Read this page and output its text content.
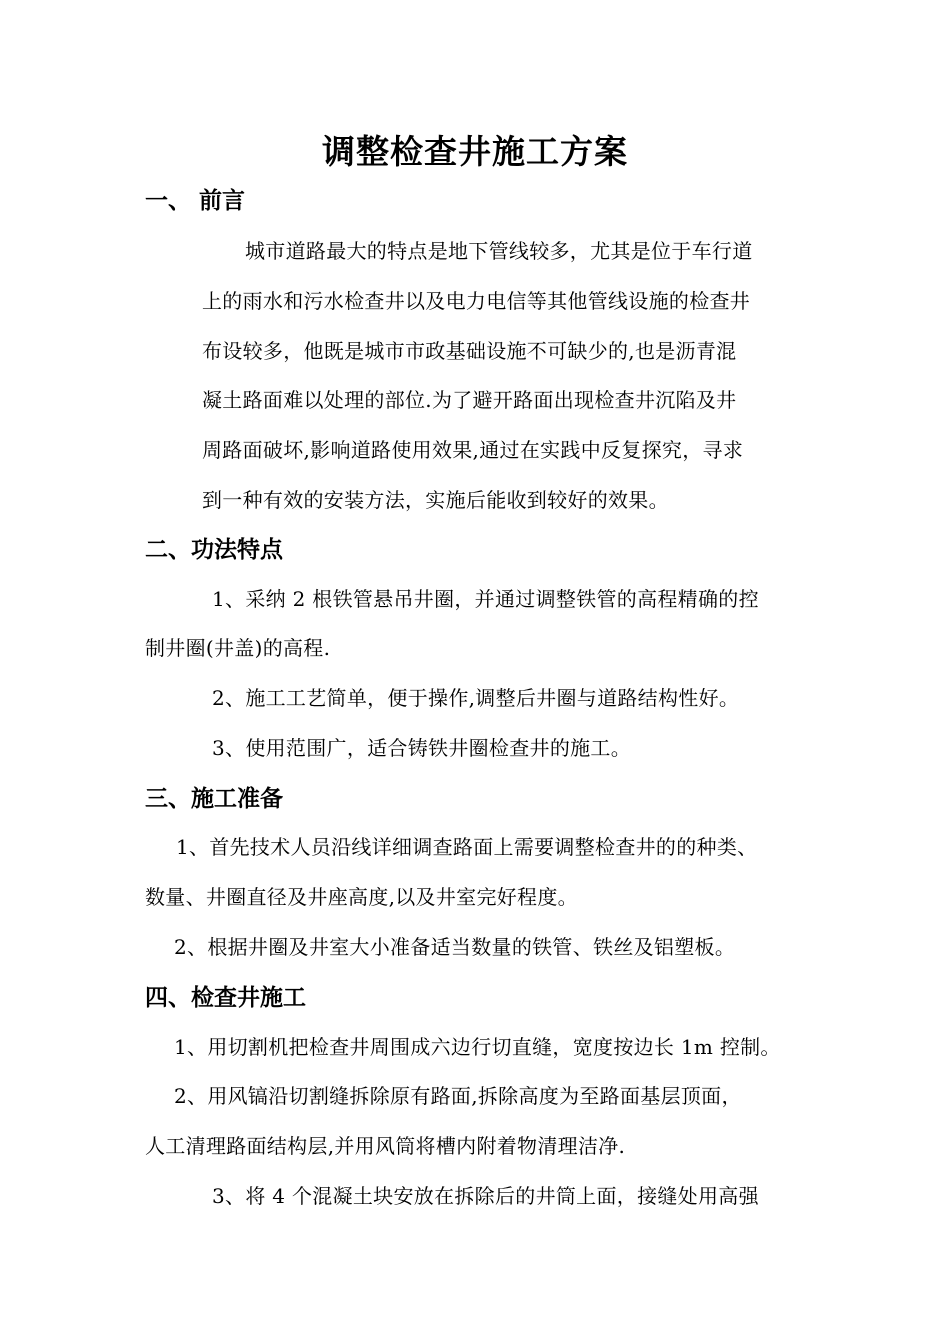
调整检查井施工方案
一、 前言
城市道路最大的特点是地下管线较多，尤其是位于车行道
上的雨水和污水检查井以及电力电信等其他管线设施的检查井
布设较多，他既是城市市政基础设施不可缺少的,也是沥青混
凝土路面难以处理的部位.为了避开路面出现检查井沉陷及井
周路面破坏,影响道路使用效果,通过在实践中反复探究，寻求
到一种有效的安装方法，实施后能收到较好的效果。
二、功法特点
1、采纳 2 根铁管悬吊井圈，并通过调整铁管的高程精确的控
制井圈(井盖)的高程.
2、施工工艺简单，便于操作,调整后井圈与道路结构性好。
3、使用范围广，适合铸铁井圈检查井的施工。
三、施工准备
1、首先技术人员沿线详细调查路面上需要调整检查井的的种类、
数量、井圈直径及井座高度,以及井室完好程度。
2、根据井圈及井室大小准备适当数量的铁管、铁丝及铝塑板。
四、检查井施工
1、用切割机把检查井周围成六边行切直缝，宽度按边长 1m 控制。
2、用风镐沿切割缝拆除原有路面,拆除高度为至路面基层顶面，
人工清理路面结构层,并用风筒将槽内附着物清理洁净.
3、将 4 个混凝土块安放在拆除后的井筒上面，接缝处用高强
